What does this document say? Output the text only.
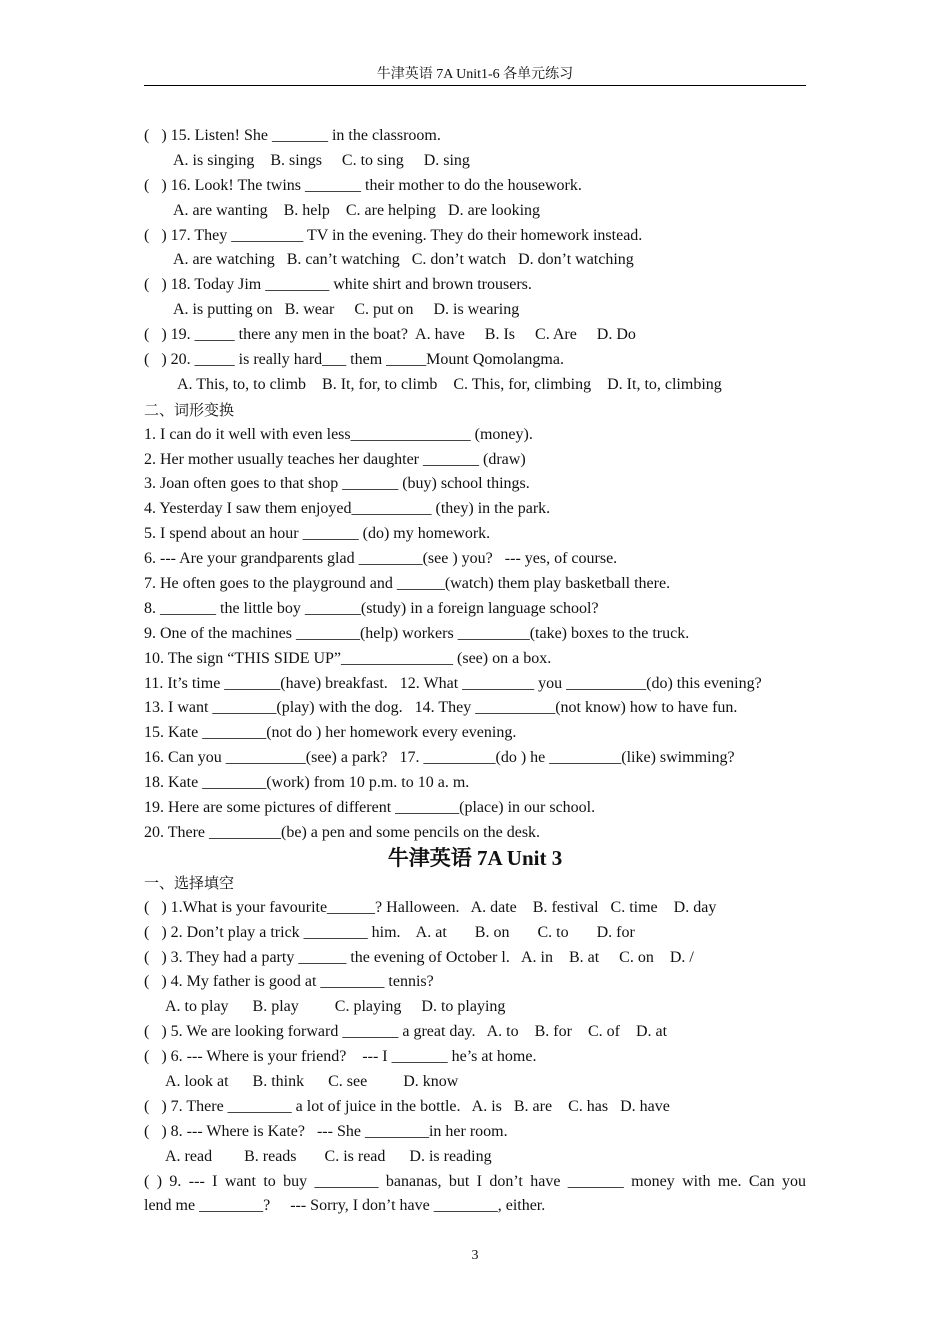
牛津英语 7A Unit1-6 各单元练习
(   ) 15. Listen! She _______ in the classroom.
A. is singing    B. sings     C. to sing     D. sing
(   ) 16. Look! The twins _______ their mother to do the housework.
A. are wanting    B. help    C. are helping   D. are looking
(   ) 17. They _________ TV in the evening. They do their homework instead.
A. are watching   B. can’t watching   C. don’t watch   D. don’t watching
(   ) 18. Today Jim ________ white shirt and brown trousers.
A. is putting on   B. wear     C. put on     D. is wearing
(   ) 19. _____ there any men in the boat?  A. have     B. Is     C. Are     D. Do
(   ) 20. _____ is really hard___ them _____Mount Qomolangma.
A. This, to, to climb    B. It, for, to climb    C. This, for, climbing    D. It, to, climbing
二、词形变换
1. I can do it well with even less_______________ (money).
2. Her mother usually teaches her daughter _______ (draw)
3. Joan often goes to that shop _______ (buy) school things.
4. Yesterday I saw them enjoyed__________ (they) in the park.
5. I spend about an hour _______ (do) my homework.
6. --- Are your grandparents glad ________(see ) you?   --- yes, of course.
7. He often goes to the playground and ______(watch) them play basketball there.
8. _______ the little boy _______(study) in a foreign language school?
9. One of the machines ________(help) workers _________(take) boxes to the truck.
10. The sign “THIS SIDE UP”______________ (see) on a box.
11. It’s time _______(have) breakfast.   12. What _________ you __________(do) this evening?
13. I want ________(play) with the dog.   14. They __________(not know) how to have fun.
15. Kate ________(not do ) her homework every evening.
16. Can you __________(see) a park?   17. _________(do ) he _________(like) swimming?
18. Kate ________(work) from 10 p.m. to 10 a. m.
19. Here are some pictures of different ________(place) in our school.
20. There _________(be) a pen and some pencils on the desk.
牛津英语 7A Unit 3
一、选择填空
(   ) 1.What is your favourite______? Halloween.   A. date    B. festival   C. time    D. day
(   ) 2. Don’t play a trick ________ him.    A. at       B. on       C. to       D. for
(   ) 3. They had a party ______ the evening of October l.   A. in    B. at     C. on    D. /
(   ) 4. My father is good at ________ tennis?
A. to play      B. play         C. playing     D. to playing
(   ) 5. We are looking forward _______ a great day.   A. to    B. for    C. of    D. at
(   ) 6. --- Where is your friend?    --- I _______ he’s at home.
A. look at      B. think      C. see         D. know
(   ) 7. There ________ a lot of juice in the bottle.   A. is   B. are    C. has   D. have
(   ) 8. --- Where is Kate?   --- She ________in her room.
A. read        B. reads       C. is read      D. is reading
( ) 9. --- I want to buy ________ bananas, but I don’t have _______ money with me. Can you
lend me ________?     --- Sorry, I don’t have ________, either.
3
